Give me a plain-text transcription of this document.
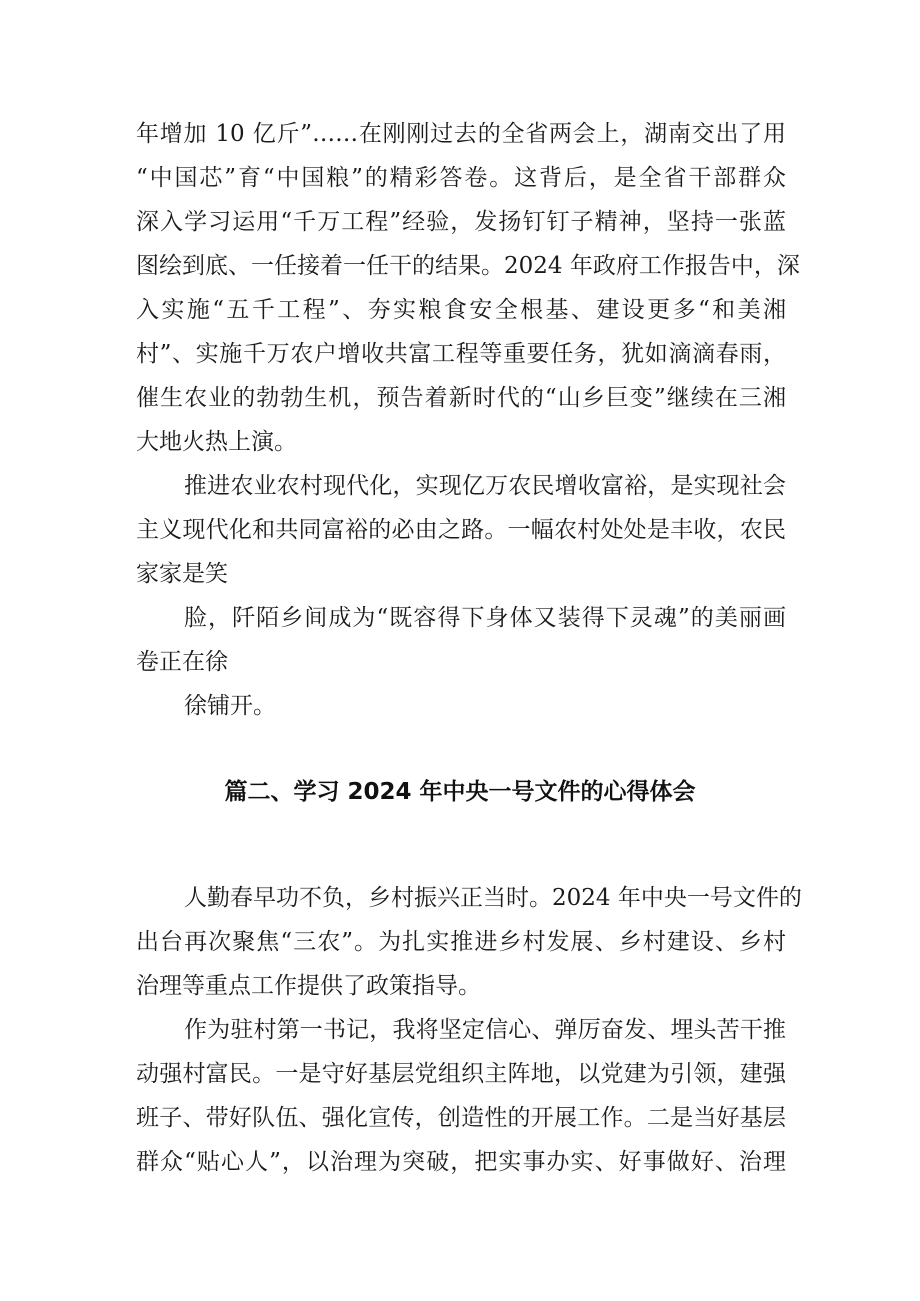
年增加 10 亿斤”……在刚刚过去的全省两会上，湖南交出了用
“中国芯”育“中国粮”的精彩答卷。这背后，是全省干部群众
深入学习运用“千万工程”经验，发扬钉钉子精神，坚持一张蓝
图绘到底、一任接着一任干的结果。2024 年政府工作报告中，深
入实施“五千工程”、夯实粮食安全根基、建设更多“和美湘
村”、实施千万农户增收共富工程等重要任务，犹如滴滴春雨，
催生农业的勃勃生机，预告着新时代的“山乡巨变”继续在三湘
大地火热上演。
推进农业农村现代化，实现亿万农民增收富裕，是实现社会
主义现代化和共同富裕的必由之路。一幅农村处处是丰收，农民
家家是笑
脸，阡陌乡间成为“既容得下身体又装得下灵魂”的美丽画
卷正在徐
徐铺开。
篇二、学习 2024 年中央一号文件的心得体会
人勤春早功不负，乡村振兴正当时。2024 年中央一号文件的
出台再次聚焦“三农”。为扎实推进乡村发展、乡村建设、乡村
治理等重点工作提供了政策指导。
作为驻村第一书记，我将坚定信心、弹厉奋发、埋头苦干推
动强村富民。一是守好基层党组织主阵地，以党建为引领，建强
班子、带好队伍、强化宣传，创造性的开展工作。二是当好基层
群众“贴心人”，以治理为突破，把实事办实、好事做好、治理
